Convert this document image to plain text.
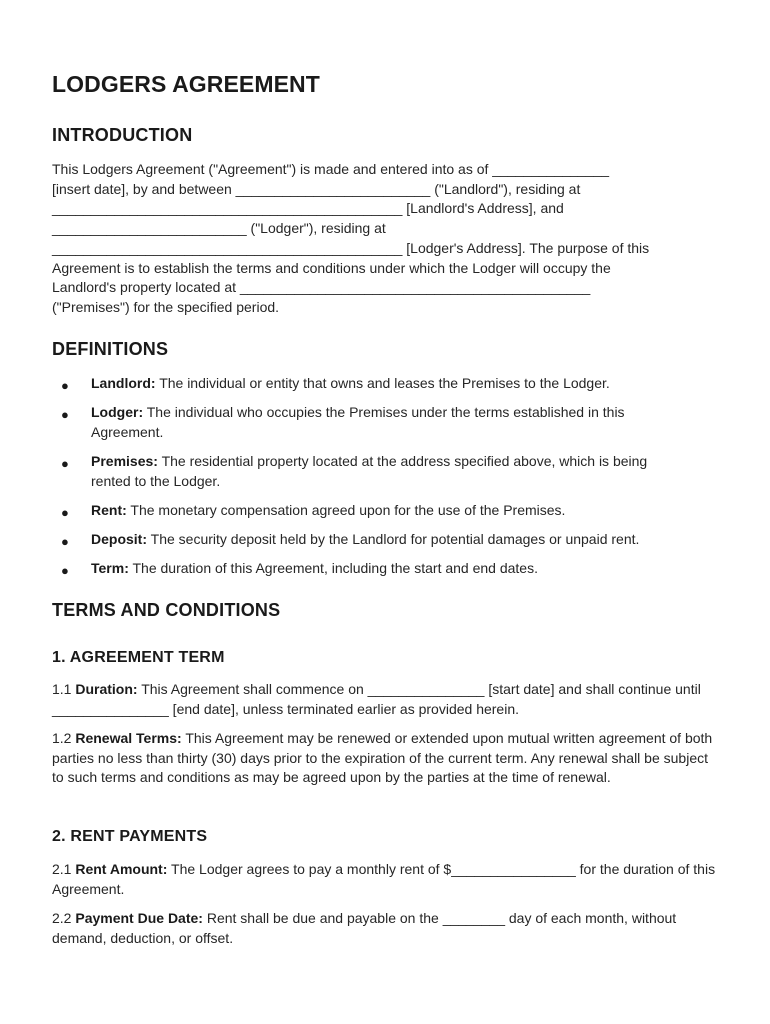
LODGERS AGREEMENT
INTRODUCTION
This Lodgers Agreement ("Agreement") is made and entered into as of _______________
[insert date], by and between _________________________ ("Landlord"), residing at
_____________________________________________ [Landlord's Address], and
_________________________ ("Lodger"), residing at
_____________________________________________ [Lodger's Address]. The purpose of this
Agreement is to establish the terms and conditions under which the Lodger will occupy the
Landlord's property located at _____________________________________________
("Premises") for the specified period.
DEFINITIONS
● Landlord: The individual or entity that owns and leases the Premises to the Lodger.
● Lodger: The individual who occupies the Premises under the terms established in this Agreement.
● Premises: The residential property located at the address specified above, which is being rented to the Lodger.
● Rent: The monetary compensation agreed upon for the use of the Premises.
● Deposit: The security deposit held by the Landlord for potential damages or unpaid rent.
● Term: The duration of this Agreement, including the start and end dates.
TERMS AND CONDITIONS
1. AGREEMENT TERM

1.1 Duration: This Agreement shall commence on _______________ [start date] and shall continue until _______________ [end date], unless terminated earlier as provided herein.

1.2 Renewal Terms: This Agreement may be renewed or extended upon mutual written agreement of both parties no less than thirty (30) days prior to the expiration of the current term. Any renewal shall be subject to such terms and conditions as may be agreed upon by the parties at the time of renewal.

2. RENT PAYMENTS

2.1 Rent Amount: The Lodger agrees to pay a monthly rent of $________________ for the duration of this Agreement.

2.2 Payment Due Date: Rent shall be due and payable on the ________ day of each month, without demand, deduction, or offset.
